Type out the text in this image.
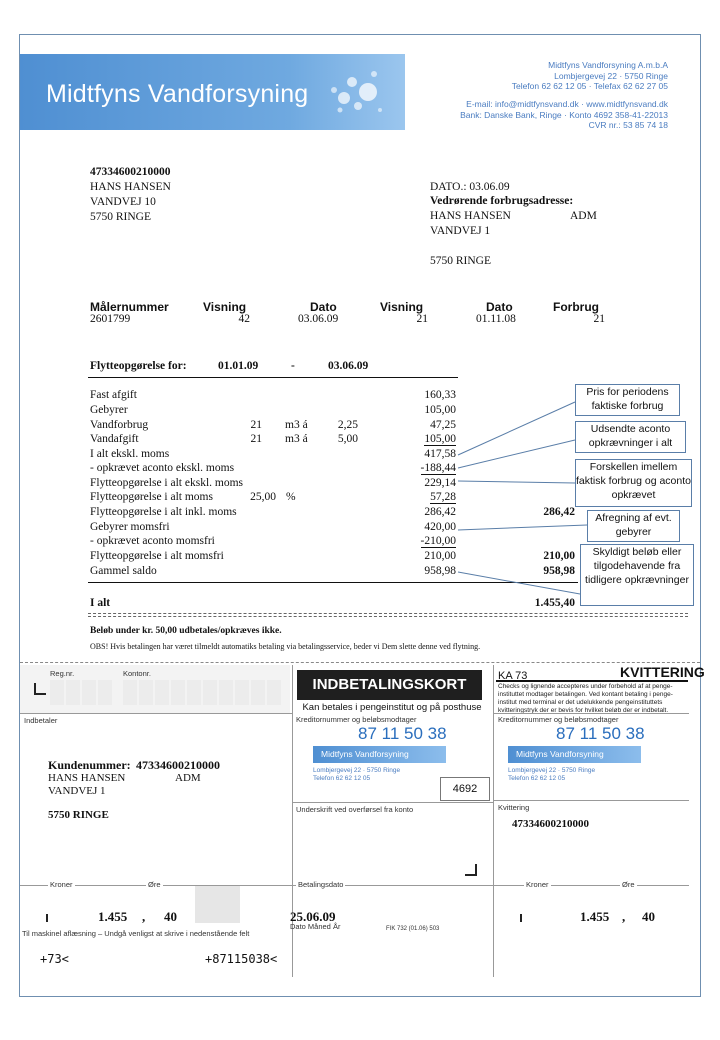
Midtfyns Vandforsyning
Midtfyns Vandforsyning A.m.b.A
Lombjergevej 22 · 5750 Ringe
Telefon 62 62 12 05 · Telefax 62 62 27 05
E-mail: info@midtfynsvand.dk · www.midtfynsvand.dk
Bank: Danske Bank, Ringe · Konto 4692 358-41-22013
CVR nr.: 53 85 74 18
47334600210000
HANS HANSEN
VANDVEJ 10
5750 RINGE
DATO.: 03.06.09
Vedrørende forbrugsadresse:
HANS HANSEN	ADM
VANDVEJ 1
5750 RINGE
Målernummer	Visning	Dato	Visning	Dato	Forbrug
2601799	42	03.06.09	21	01.11.08	21
Flytteopgørelse for:	01.01.09	-	03.06.09
Fast afgift	160,33
Gebyrer	105,00
Vandforbrug	21 m3 á	2,25	47,25
Vandafgift	21 m3 á	5,00	105,00
I alt ekskl. moms	417,58
- opkrævet aconto ekskl. moms	-188,44
Flytteopgørelse i alt ekskl. moms	229,14
Flytteopgørelse i alt moms	25,00 %	57,28
Flytteopgørelse i alt inkl. moms	286,42	286,42
Gebyrer momsfri	420,00
- opkrævet aconto momsfri	-210,00
Flytteopgørelse i alt momsfri	210,00	210,00
Gammel saldo	958,98	958,98
I alt	1.455,40
Beløb under kr. 50,00 udbetales/opkræves ikke.
OBS! Hvis betalingen har været tilmeldt automatiks betaling via betalingsservice, beder vi Dem slette denne ved flytning.
Pris for periodens faktiske forbrug
Udsendte aconto opkrævninger i alt
Forskellen imellem faktisk forbrug og aconto opkrævet
Afregning af evt. gebyrer
Skyldigt beløb eller tilgodehavende fra tidligere opkrævninger
Reg.nr.	Kontonr.
Indbetaler
INDBETALINGSKORT
Kan betales i pengeinstitut og på posthuse
Kreditornummer og beløbsmodtager
87 11 50 38
Midtfyns Vandforsyning
Lombjergevej 22 · 5750 Ringe
Telefon 62 62 12 05
4692
Underskrift ved overførsel fra konto
KA 73	KVITTERING
Checks og lignende accepteres under forbehold af at penge-instituttet modtager betalingen. Ved kontant betaling i penge-institut med terminal er det udelukkende pengeinstituttets kvitteringstryk der er bevis for hvilket beløb der er indbetalt.
Kreditornummer og beløbsmodtager
87 11 50 38
Midtfyns Vandforsyning
Lombjergevej 22 · 5750 Ringe
Telefon 62 62 12 05
Kvittering
47334600210000
Kundenummer: 47334600210000
HANS HANSEN	ADM
VANDVEJ 1
5750 RINGE
Kroner	Øre	Betalingsdato	Kroner	Øre
1.455 , 40	25.06.09
Dato Måned År
1.455 , 40
Til maskinel aflæsning – Undgå venligst at skrive i nedenstående felt	FIK 732 (01.06) 503
+73<	+87115038<
